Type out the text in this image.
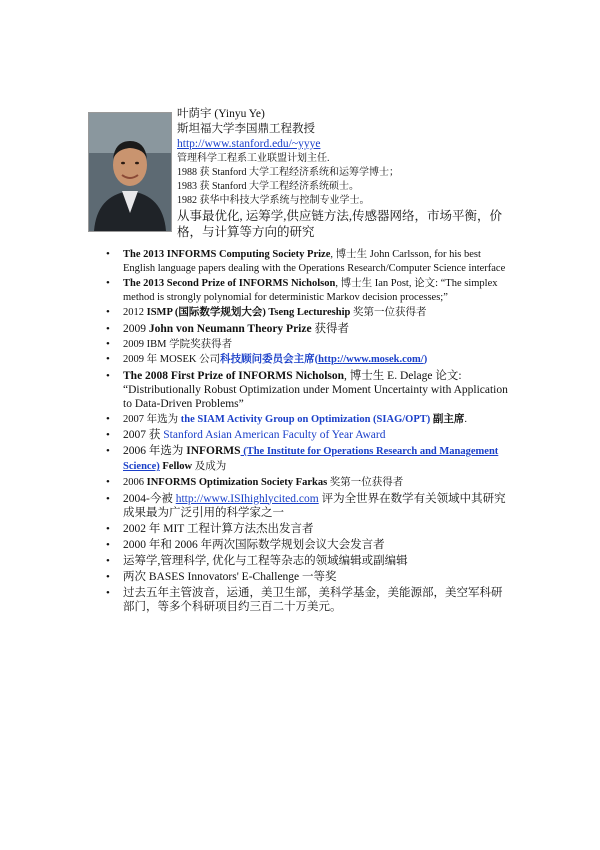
叶荫宇 (Yinyu Ye)
斯坦福大学李国鼎工程教授
http://www.stanford.edu/~yyye
管理科学工程系工业联盟计划主任.
1988 获 Stanford 大学工程经济系统和运筹学博士；
1983 获 Stanford 大学工程经济系统硕士。
1982 获华中科技大学系统与控制专业学士。
从事最优化, 运筹学,供应链方法,传感器网络，市场平衡，价格，与计算等方向的研究
• The 2013 INFORMS Computing Society Prize, 博士生 John Carlsson, for his best English language papers dealing with the Operations Research/Computer Science interface
• The 2013 Second Prize of INFORMS Nicholson, 博士生 Ian Post, 论文: “The simplex method is strongly polynomial for deterministic Markov decision processes;”
• 2012 ISMP (国际数学规划大会) Tseng Lectureship 奖第一位获得者
• 2009 John von Neumann Theory Prize 获得者
• 2009 IBM 学院奖获得者
• 2009 年 MOSEK 公司科技顾问委员会主席(http://www.mosek.com/)
• The 2008 First Prize of INFORMS Nicholson, 博士生 E. Delage 论文: “Distributionally Robust Optimization under Moment Uncertainty with Application to Data-Driven Problems”
• 2007 年选为 the SIAM Activity Group on Optimization (SIAG/OPT) 副主席.
• 2007 获 Stanford Asian American Faculty of Year Award
• 2006 年选为 INFORMS (The Institute for Operations Research and Management Science) Fellow 及成为
• 2006 INFORMS Optimization Society Farkas 奖第一位获得者
• 2004-今被 http://www.ISIhighlycited.com 评为全世界在数学有关领域中其研究成果最为广泛引用的科学家之一
• 2002 年 MIT 工程计算方法杰出发言者
• 2000 年和 2006 年两次国际数学规划会议大会发言者
• 运筹学,管理科学, 优化与工程等杂志的领域编辑或副编辑
• 两次 BASES Innovators' E-Challenge 一等奖
• 过去五年主管波音，运通，美卫生部，美科学基金，美能源部，美空军科研部门，等多个科研项目约三百二十万美元。
